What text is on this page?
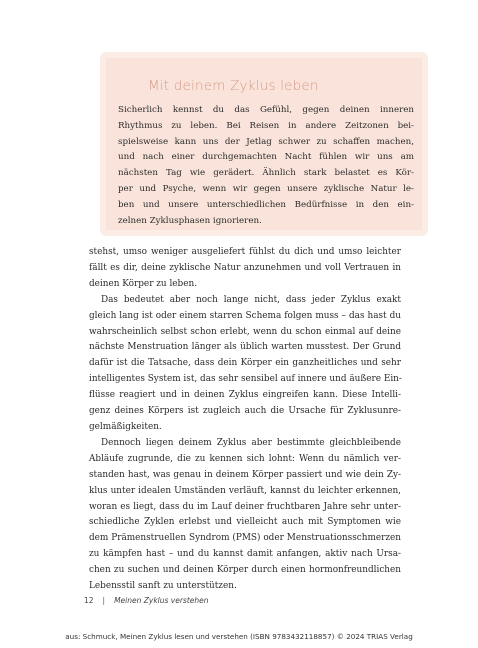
Mit deinem Zyklus leben
Sicherlich kennst du das Gefühl, gegen deinen inneren
Rhythmus zu leben. Bei Reisen in andere Zeitzonen bei-
spielsweise kann uns der Jetlag schwer zu schaffen machen,
und nach einer durchgemachten Nacht fühlen wir uns am
nächsten Tag wie gerädert. Ähnlich stark belastet es Kör-
per und Psyche, wenn wir gegen unsere zyklische Natur le-
ben und unsere unterschiedlichen Bedürfnisse in den ein-
zelnen Zyklusphasen ignorieren.
stehst, umso weniger ausgeliefert fühlst du dich und umso leichter
fällt es dir, deine zyklische Natur anzunehmen und voll Vertrauen in
deinen Körper zu leben.
Das bedeutet aber noch lange nicht, dass jeder Zyklus exakt
gleich lang ist oder einem starren Schema folgen muss – das hast du
wahrscheinlich selbst schon erlebt, wenn du schon einmal auf deine
nächste Menstruation länger als üblich warten musstest. Der Grund
dafür ist die Tatsache, dass dein Körper ein ganzheitliches und sehr
intelligentes System ist, das sehr sensibel auf innere und äußere Ein-
flüsse reagiert und in deinen Zyklus eingreifen kann. Diese Intelli-
genz deines Körpers ist zugleich auch die Ursache für Zyklusunre-
gelmäßigkeiten.
Dennoch liegen deinem Zyklus aber bestimmte gleichbleibende
Abläufe zugrunde, die zu kennen sich lohnt: Wenn du nämlich ver-
standen hast, was genau in deinem Körper passiert und wie dein Zy-
klus unter idealen Umständen verläuft, kannst du leichter erkennen,
woran es liegt, dass du im Lauf deiner fruchtbaren Jahre sehr unter-
schiedliche Zyklen erlebst und vielleicht auch mit Symptomen wie
dem Prämenstruellen Syndrom (PMS) oder Menstruationsschmerzen
zu kämpfen hast – und du kannst damit anfangen, aktiv nach Ursa-
chen zu suchen und deinen Körper durch einen hormonfreundlichen
Lebensstil sanft zu unterstützen.
12 | Meinen Zyklus verstehen
aus: Schmuck, Meinen Zyklus lesen und verstehen (ISBN 9783432118857) © 2024 TRIAS Verlag
